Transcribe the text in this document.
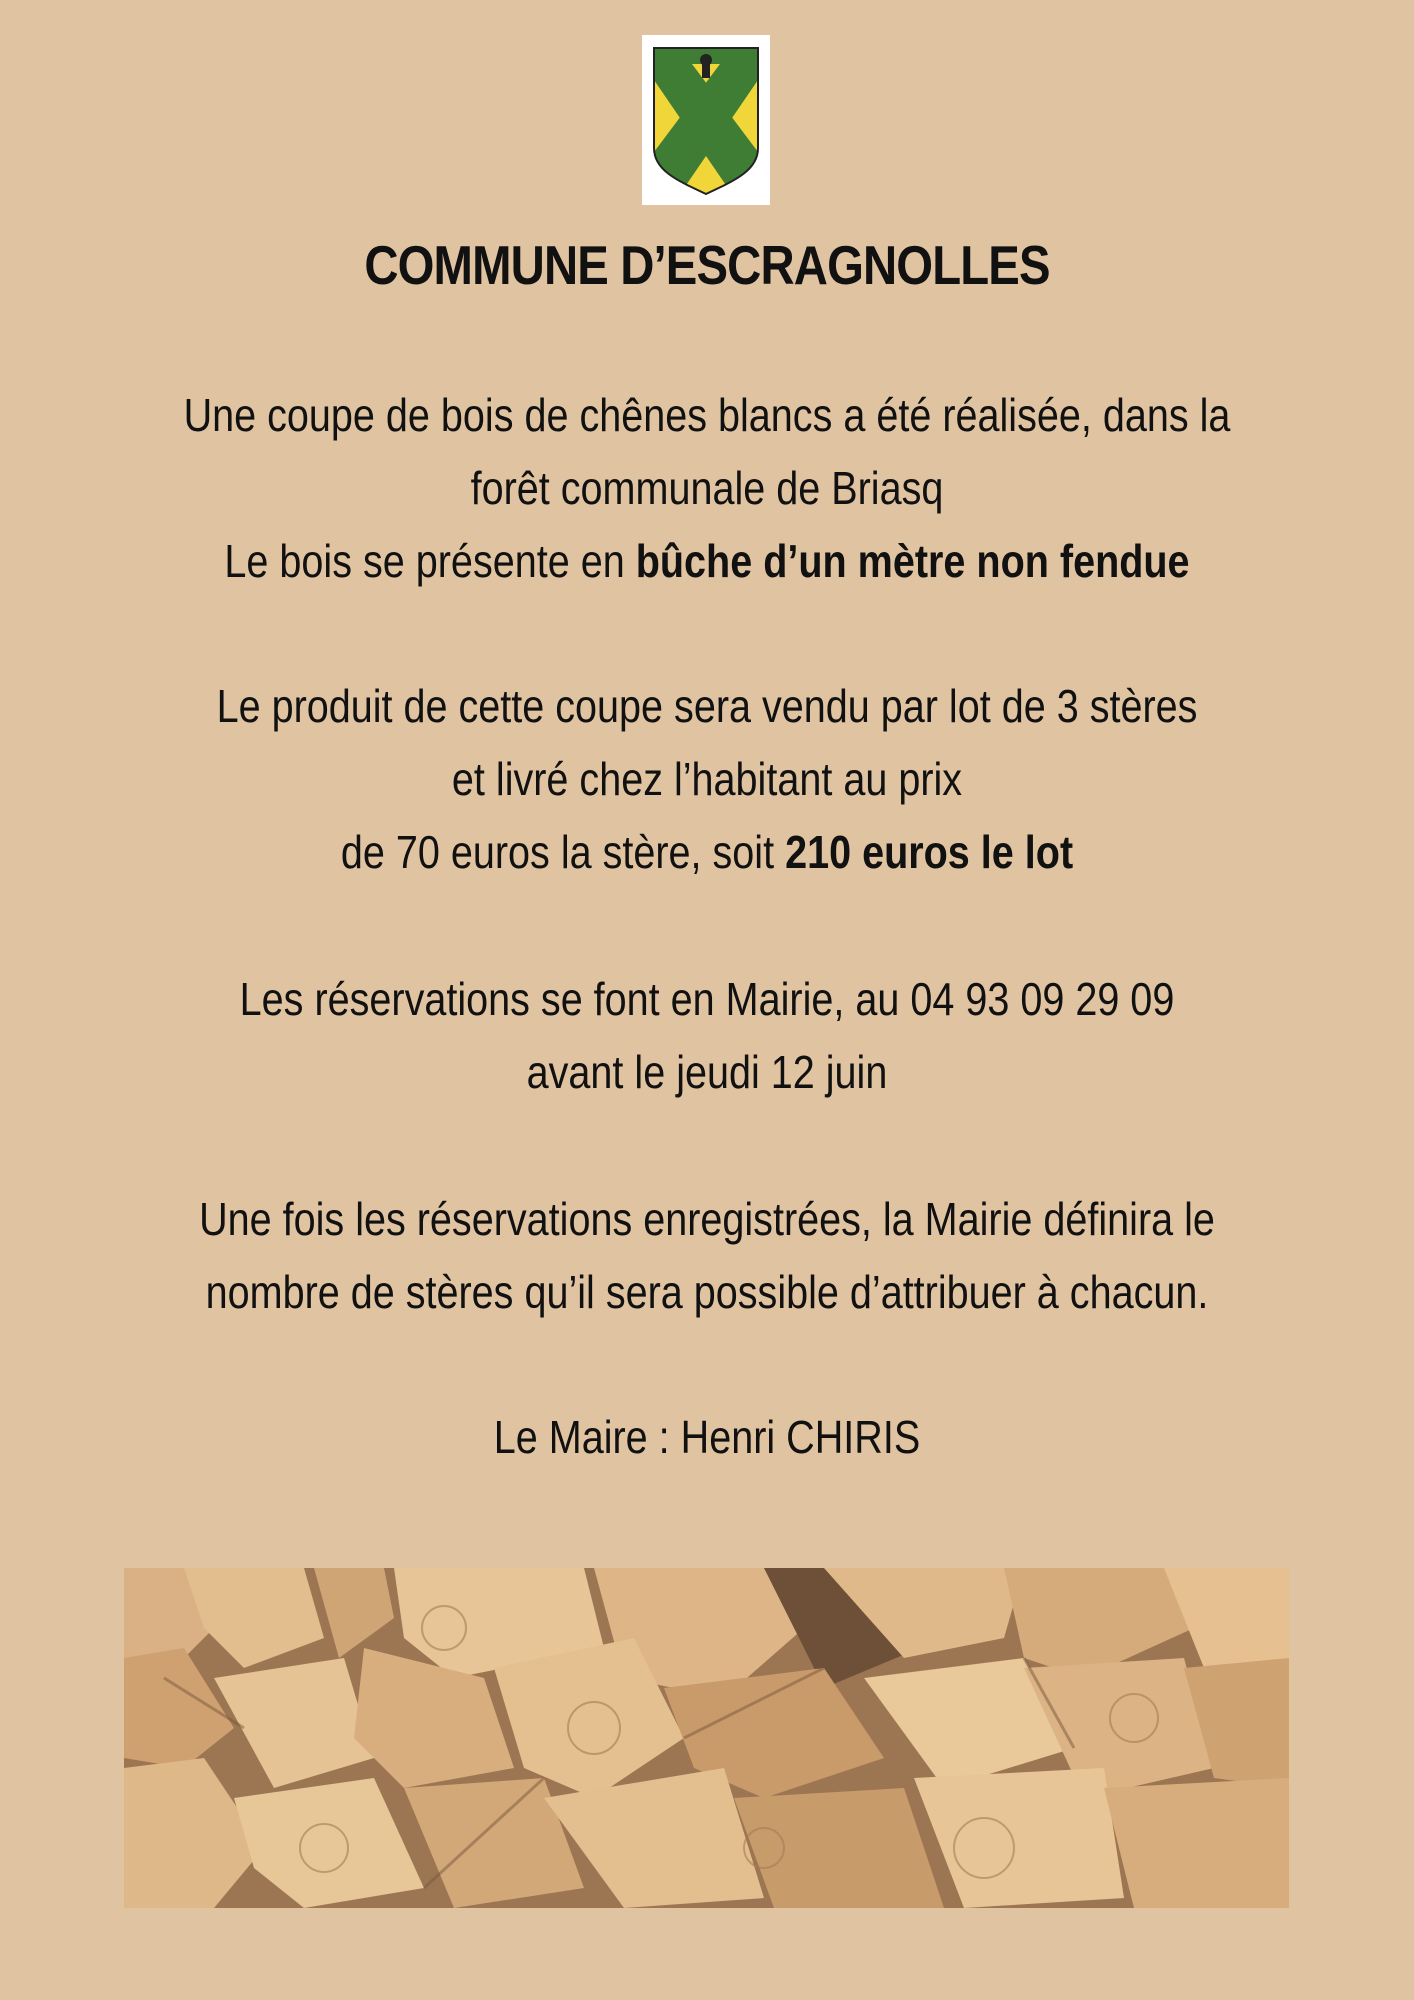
COMMUNE D’ESCRAGNOLLES
Une coupe de bois de chênes blancs a été réalisée, dans la
forêt communale de Briasq
Le bois se présente en bûche d’un mètre non fendue
Le produit de cette coupe sera vendu par lot de 3 stères
et livré chez l’habitant au prix
de 70 euros la stère, soit 210 euros le lot
Les réservations se font en Mairie, au 04 93 09 29 09
avant le jeudi 12 juin
Une fois les réservations enregistrées, la Mairie définira le
nombre de stères qu’il sera possible d’attribuer à chacun.
Le Maire : Henri CHIRIS
